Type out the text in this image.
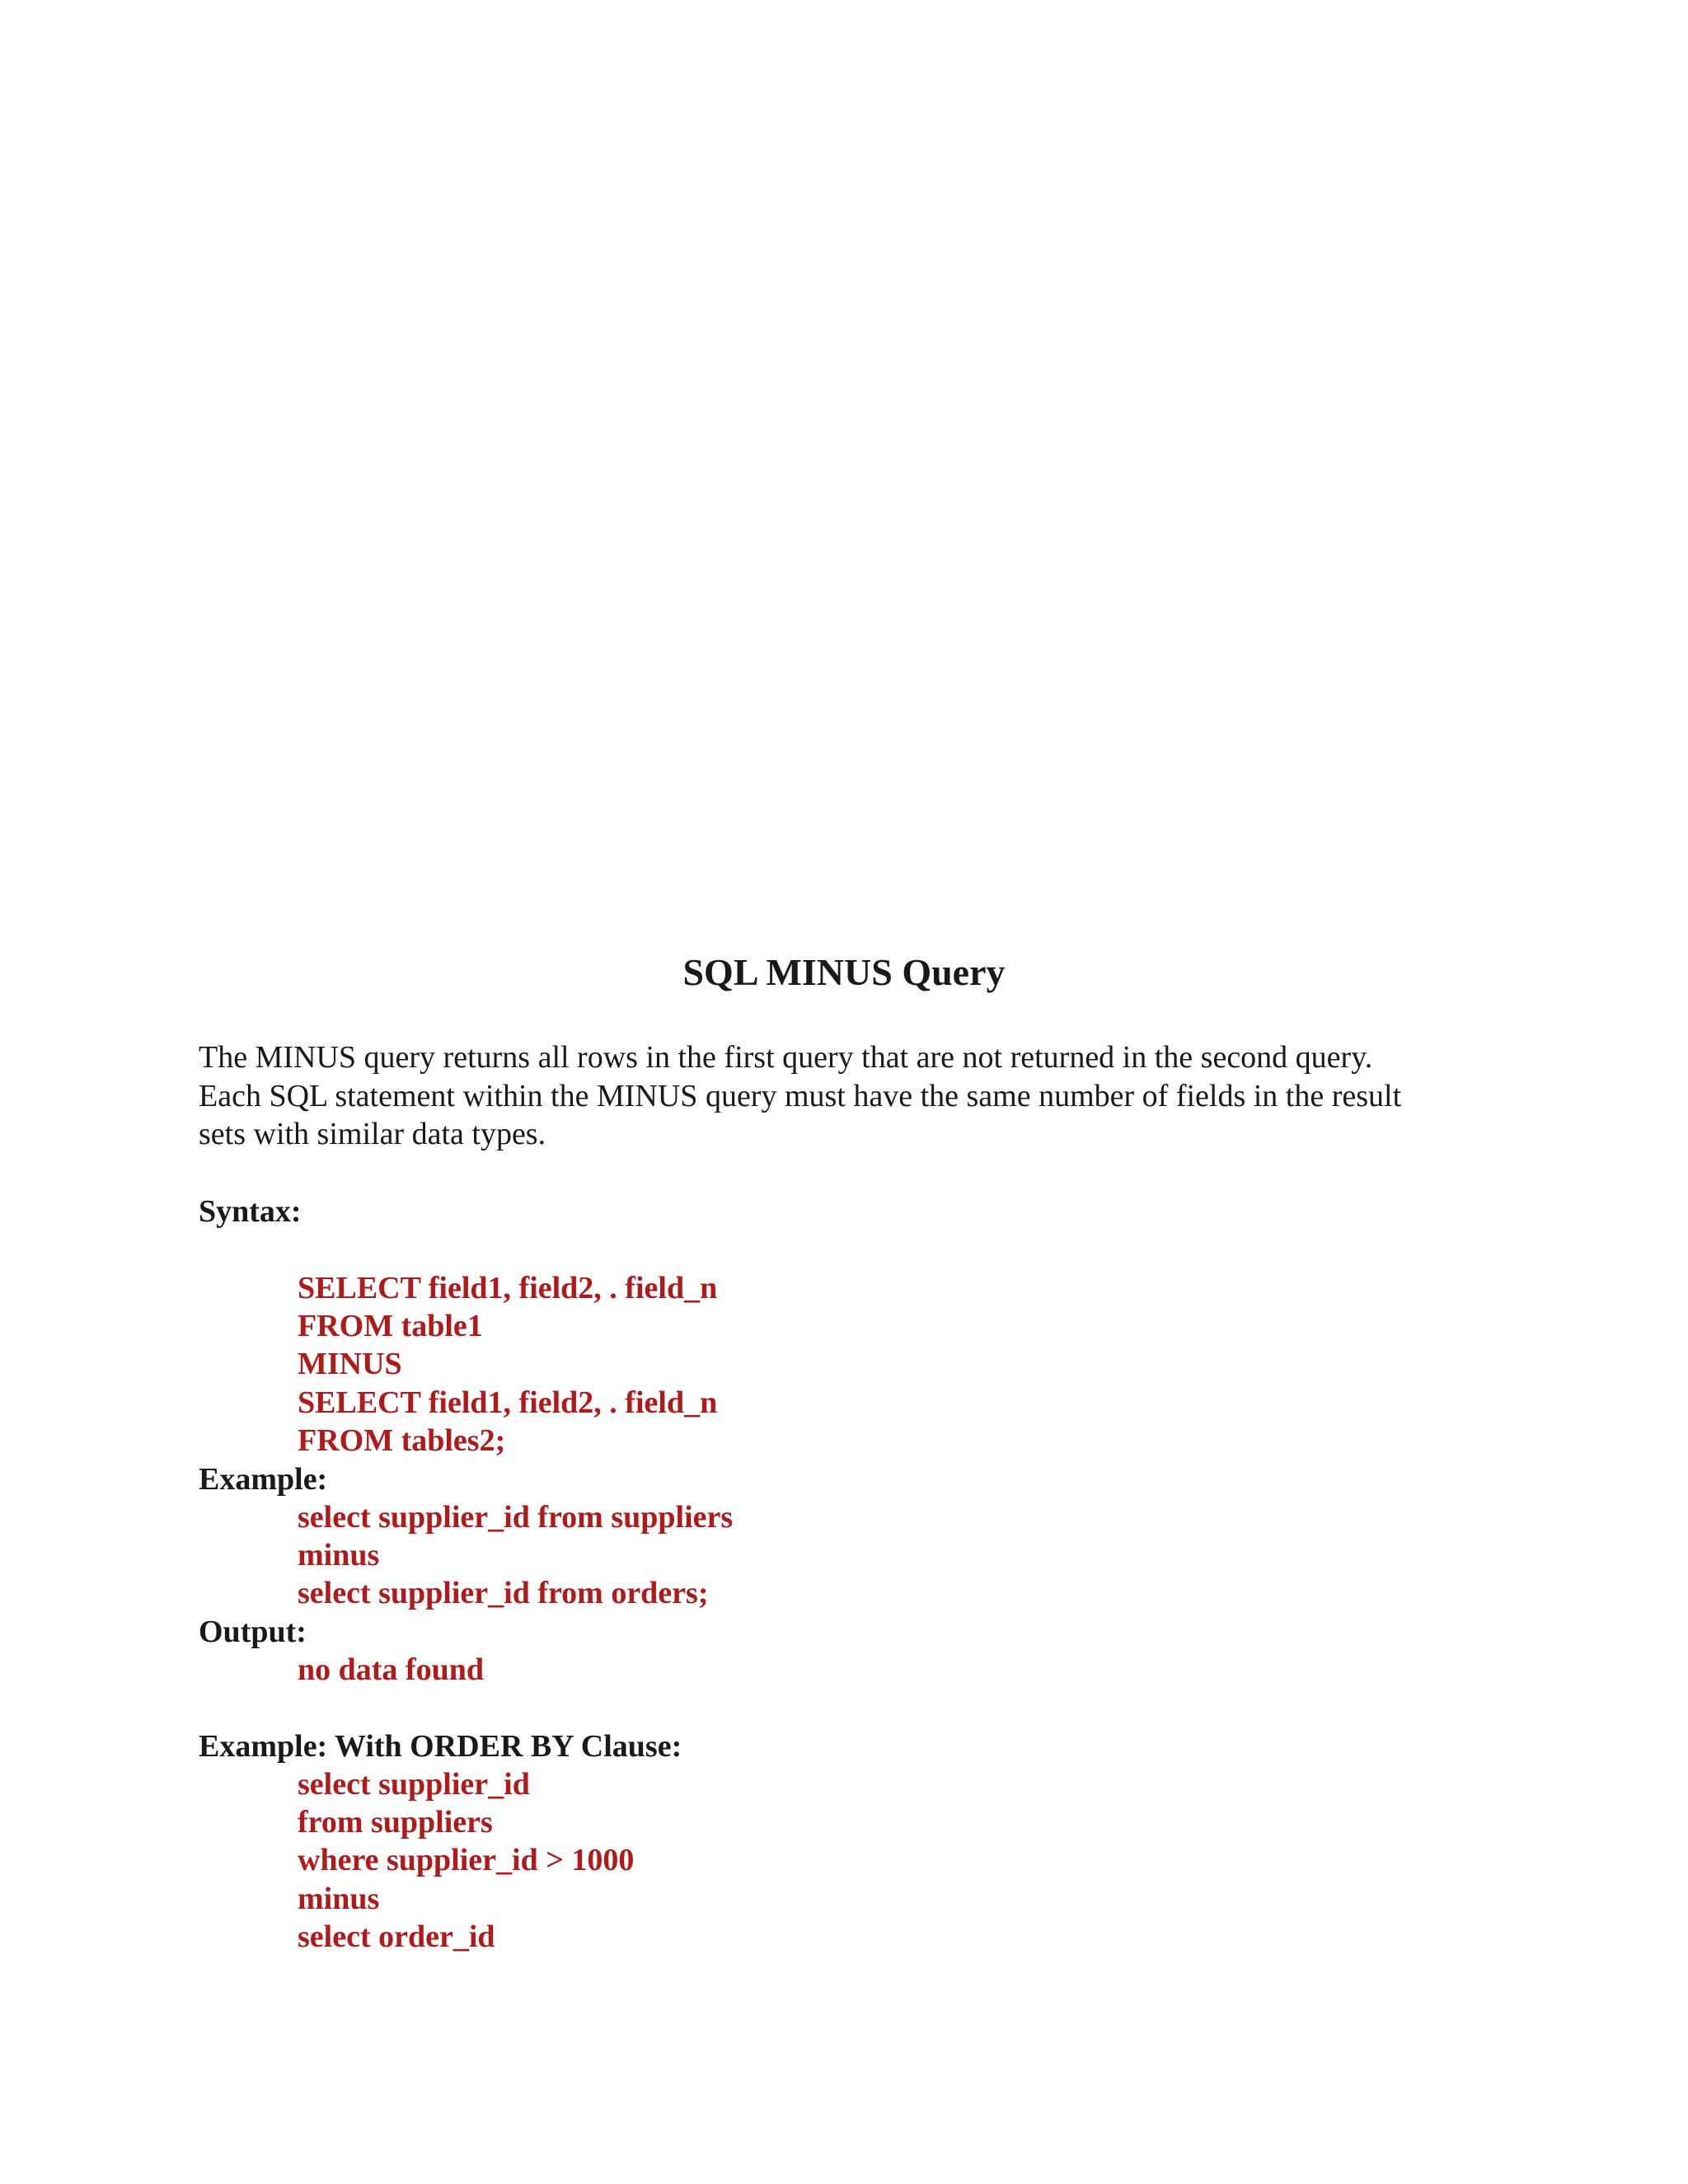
SQL MINUS Query
The MINUS query returns all rows in the first query that are not returned in the second query.
Each SQL statement within the MINUS query must have the same number of fields in the result
sets with similar data types.
Syntax:
SELECT field1, field2, . field_n
FROM table1
MINUS
SELECT field1, field2, . field_n
FROM tables2;
Example:
select supplier_id from suppliers
minus
select supplier_id from orders;
Output:
no data found
Example: With ORDER BY Clause:
select supplier_id
from suppliers
where supplier_id > 1000
minus
select order_id
